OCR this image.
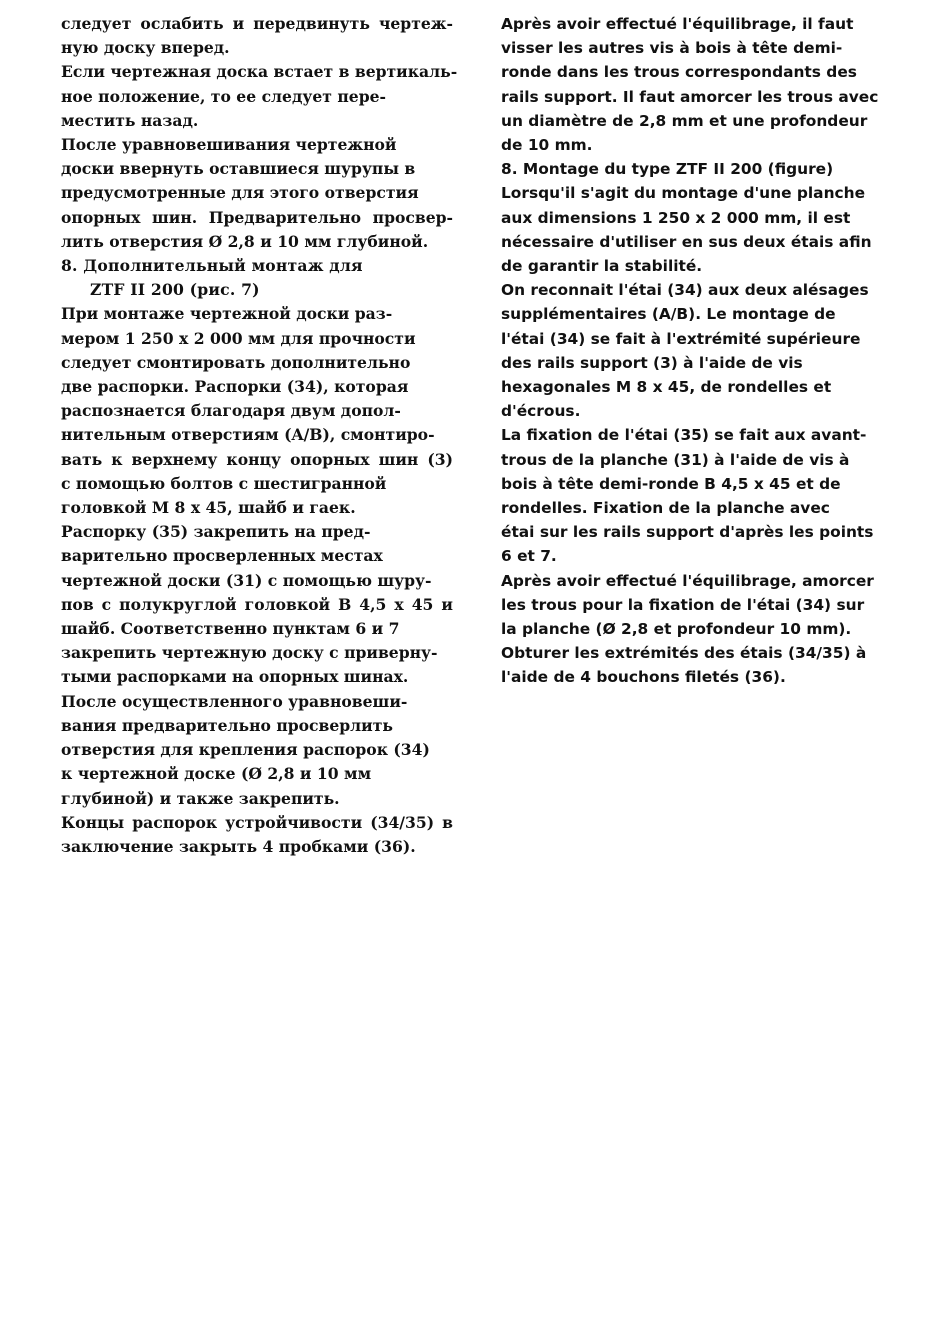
следует ослабить и передвинуть чертеж-
ную доску вперед.
Если чертежная доска встает в вертикаль-
ное положение, то ее следует пере-
местить назад.
После уравновешивания чертежной
доски ввернуть оставшиеся шурупы в
предусмотренные для этого отверстия
опорных шин. Предварительно просвер-
лить отверстия Ø 2,8 и 10 мм глубиной.
8. Дополнительный монтаж для
ZTF II 200 (рис. 7)
При монтаже чертежной доски раз-
мером 1 250 x 2 000 мм для прочности
следует смонтировать дополнительно
две распорки. Распорки (34), которая
распознается благодаря двум допол-
нительным отверстиям (A/B), смонтиро-
вать к верхнему концу опорных шин (3)
с помощью болтов с шестигранной
головкой M 8 x 45, шайб и гаек.
Распорку (35) закрепить на пред-
варительно просверленных местах
чертежной доски (31) с помощью шуру-
пов с полукруглой головкой B 4,5 x 45 и
шайб. Соответственно пунктам 6 и 7
закрепить чертежную доску с приверну-
тыми распорками на опорных шинах.
После осуществленного уравновеши-
вания предварительно просверлить
отверстия для крепления распорок (34)
к чертежной доске (Ø 2,8 и 10 мм
глубиной) и также закрепить.
Концы распорок устройчивости (34/35) в
заключение закрыть 4 пробками (36).
Après avoir effectué l'équilibrage, il faut
visser les autres vis à bois à tête demi-
ronde dans les trous correspondants des
rails support. Il faut amorcer les trous avec
un diamètre de 2,8 mm et une profondeur
de 10 mm.
8. Montage du type ZTF II 200 (figure)
Lorsqu'il s'agit du montage d'une planche
aux dimensions 1 250 x 2 000 mm, il est
nécessaire d'utiliser en sus deux étais afin
de garantir la stabilité.
On reconnait l'étai (34) aux deux alésages
supplémentaires (A/B). Le montage de
l'étai (34) se fait à l'extrémité supérieure
des rails support (3) à l'aide de vis
hexagonales M 8 x 45, de rondelles et
d'écrous.
La fixation de l'étai (35) se fait aux avant-
trous de la planche (31) à l'aide de vis à
bois à tête demi-ronde B 4,5 x 45 et de
rondelles. Fixation de la planche avec
étai sur les rails support d'après les points
6 et 7.
Après avoir effectué l'équilibrage, amorcer
les trous pour la fixation de l'étai (34) sur
la planche (Ø 2,8 et profondeur 10 mm).
Obturer les extrémités des étais (34/35) à
l'aide de 4 bouchons filetés (36).
